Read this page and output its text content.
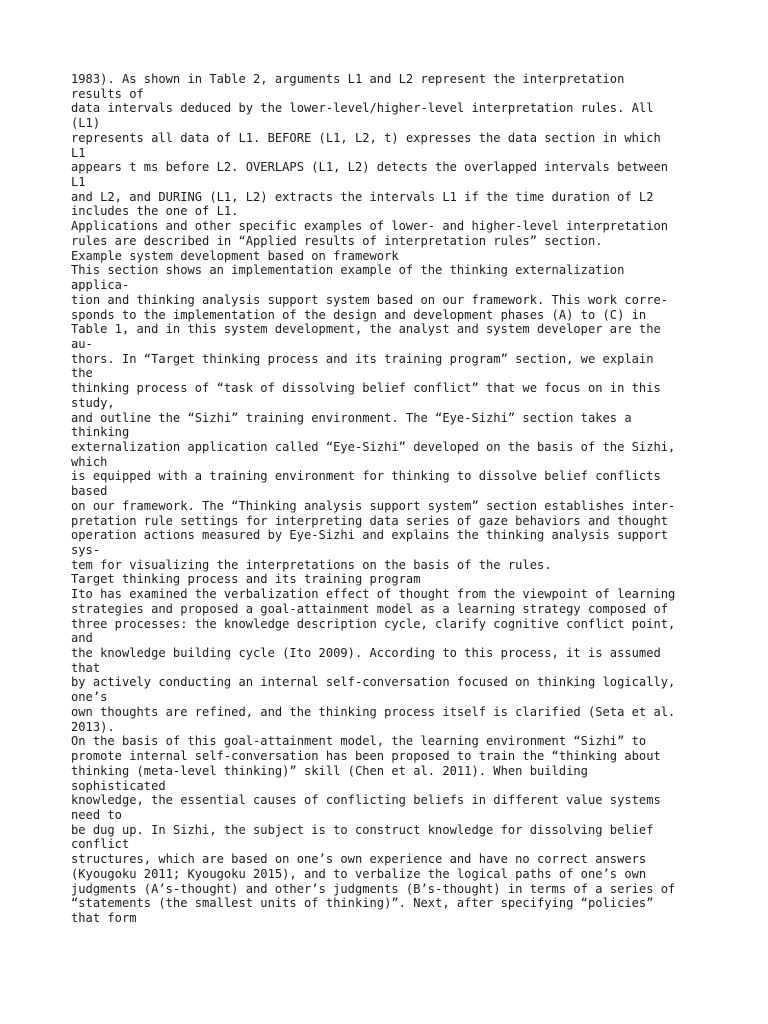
1983). As shown in Table 2, arguments L1 and L2 represent the interpretation
results of
data intervals deduced by the lower-level/higher-level interpretation rules. All
(L1)
represents all data of L1. BEFORE (L1, L2, t) expresses the data section in which
L1
appears t ms before L2. OVERLAPS (L1, L2) detects the overlapped intervals between
L1
and L2, and DURING (L1, L2) extracts the intervals L1 if the time duration of L2
includes the one of L1.
Applications and other specific examples of lower- and higher-level interpretation
rules are described in “Applied results of interpretation rules” section.
Example system development based on framework
This section shows an implementation example of the thinking externalization
applica-
tion and thinking analysis support system based on our framework. This work corre-
sponds to the implementation of the design and development phases (A) to (C) in
Table 1, and in this system development, the analyst and system developer are the
au-
thors. In “Target thinking process and its training program” section, we explain
the
thinking process of “task of dissolving belief conflict” that we focus on in this
study,
and outline the “Sizhi” training environment. The “Eye-Sizhi” section takes a
thinking
externalization application called “Eye-Sizhi” developed on the basis of the Sizhi,
which
is equipped with a training environment for thinking to dissolve belief conflicts
based
on our framework. The “Thinking analysis support system” section establishes inter-
pretation rule settings for interpreting data series of gaze behaviors and thought
operation actions measured by Eye-Sizhi and explains the thinking analysis support
sys-
tem for visualizing the interpretations on the basis of the rules.
Target thinking process and its training program
Ito has examined the verbalization effect of thought from the viewpoint of learning
strategies and proposed a goal-attainment model as a learning strategy composed of
three processes: the knowledge description cycle, clarify cognitive conflict point,
and
the knowledge building cycle (Ito 2009). According to this process, it is assumed
that
by actively conducting an internal self-conversation focused on thinking logically,
one’s
own thoughts are refined, and the thinking process itself is clarified (Seta et al.
2013).
On the basis of this goal-attainment model, the learning environment “Sizhi” to
promote internal self-conversation has been proposed to train the “thinking about
thinking (meta-level thinking)” skill (Chen et al. 2011). When building
sophisticated
knowledge, the essential causes of conflicting beliefs in different value systems
need to
be dug up. In Sizhi, the subject is to construct knowledge for dissolving belief
conflict
structures, which are based on one’s own experience and have no correct answers
(Kyougoku 2011; Kyougoku 2015), and to verbalize the logical paths of one’s own
judgments (A’s-thought) and other’s judgments (B’s-thought) in terms of a series of
“statements (the smallest units of thinking)”. Next, after specifying “policies”
that form
